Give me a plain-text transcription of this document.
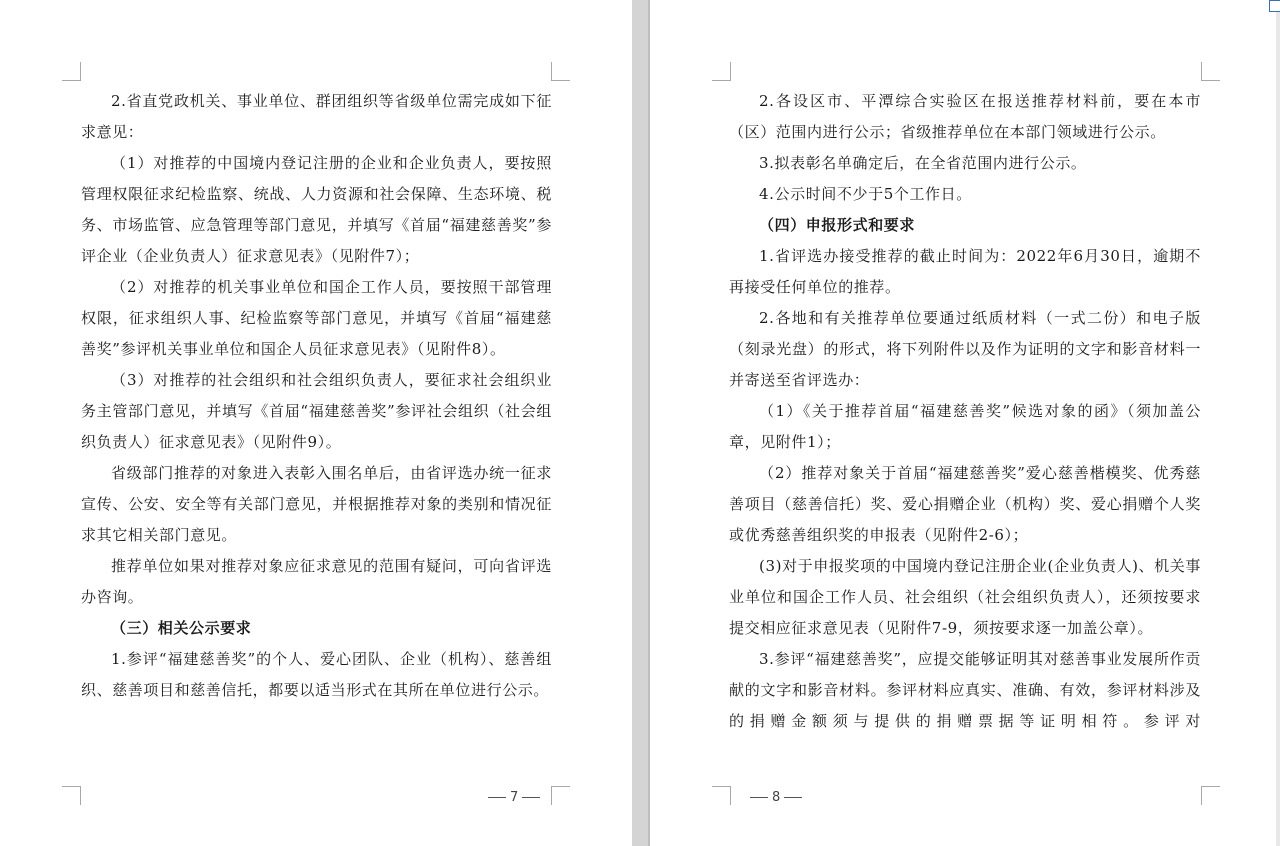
2.省直党政机关、事业单位、群团组织等省级单位需完成如下征求意见：

（1）对推荐的中国境内登记注册的企业和企业负责人，要按照管理权限征求纪检监察、统战、人力资源和社会保障、生态环境、税务、市场监管、应急管理等部门意见，并填写《首届“福建慈善奖”参评企业（企业负责人）征求意见表》（见附件7）；

（2）对推荐的机关事业单位和国企工作人员，要按照干部管理权限，征求组织人事、纪检监察等部门意见，并填写《首届“福建慈善奖”参评机关事业单位和国企人员征求意见表》（见附件8）。

（3）对推荐的社会组织和社会组织负责人，要征求社会组织业务主管部门意见，并填写《首届“福建慈善奖”参评社会组织（社会组织负责人）征求意见表》（见附件9）。

省级部门推荐的对象进入表彰入围名单后，由省评选办统一征求宣传、公安、安全等有关部门意见，并根据推荐对象的类别和情况征求其它相关部门意见。

推荐单位如果对推荐对象应征求意见的范围有疑问，可向省评选办咨询。

（三）相关公示要求

1.参评“福建慈善奖”的个人、爱心团队、企业（机构）、慈善组织、慈善项目和慈善信托，都要以适当形式在其所在单位进行公示。

7

2.各设区市、平潭综合实验区在报送推荐材料前，要在本市（区）范围内进行公示；省级推荐单位在本部门领域进行公示。

3.拟表彰名单确定后，在全省范围内进行公示。

4.公示时间不少于5个工作日。

（四）申报形式和要求

1.省评选办接受推荐的截止时间为：2022年6月30日，逾期不再接受任何单位的推荐。

2.各地和有关推荐单位要通过纸质材料（一式二份）和电子版（刻录光盘）的形式，将下列附件以及作为证明的文字和影音材料一并寄送至省评选办：

（1）《关于推荐首届“福建慈善奖”候选对象的函》（须加盖公章，见附件1）；

（2）推荐对象关于首届“福建慈善奖”爱心慈善楷模奖、优秀慈善项目（慈善信托）奖、爱心捐赠企业（机构）奖、爱心捐赠个人奖或优秀慈善组织奖的申报表（见附件2-6）；

(3)对于申报奖项的中国境内登记注册企业(企业负责人)、机关事业单位和国企工作人员、社会组织（社会组织负责人），还须按要求提交相应征求意见表（见附件7-9，须按要求逐一加盖公章）。

3.参评“福建慈善奖”，应提交能够证明其对慈善事业发展所作贡献的文字和影音材料。参评材料应真实、准确、有效，参评材料涉及的捐赠金额须与提供的捐赠票据等证明相符。参评对

8
